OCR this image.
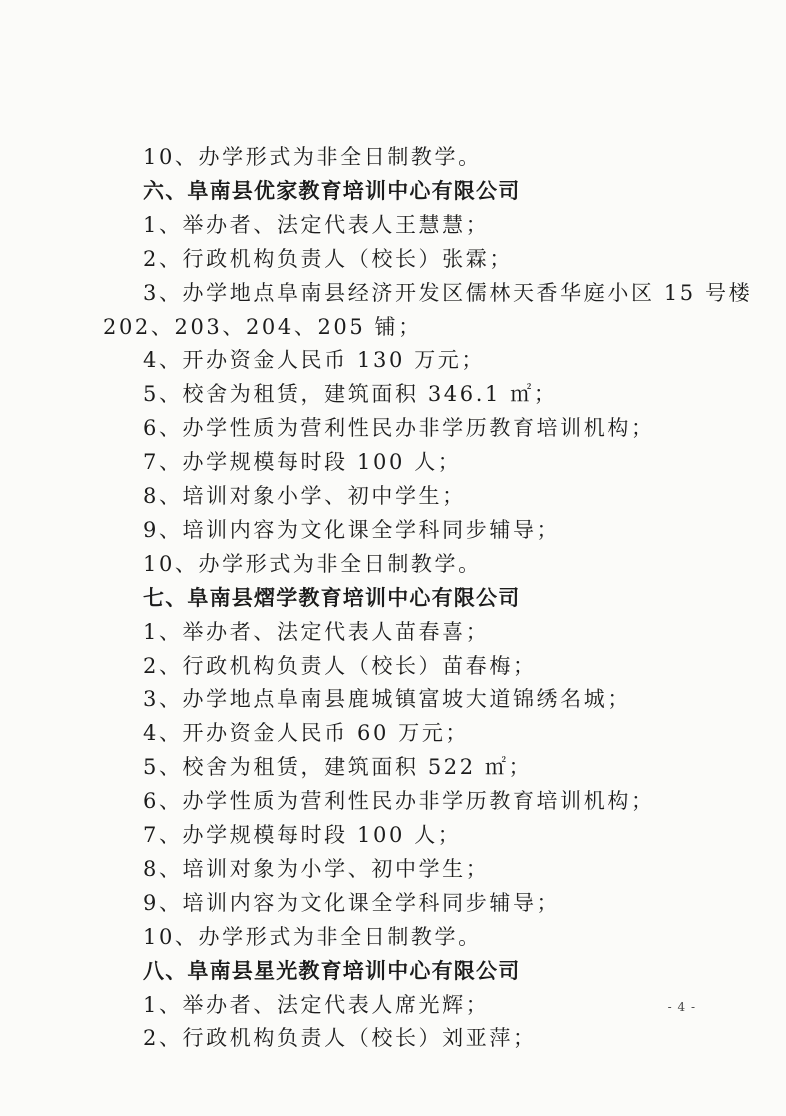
10、办学形式为非全日制教学。
六、阜南县优家教育培训中心有限公司
1、举办者、法定代表人王慧慧；
2、行政机构负责人（校长）张霖；
3、办学地点阜南县经济开发区儒林天香华庭小区 15 号楼
202、203、204、205 铺；
4、开办资金人民币 130 万元；
5、校舍为租赁，建筑面积 346.1 ㎡；
6、办学性质为营利性民办非学历教育培训机构；
7、办学规模每时段 100 人；
8、培训对象小学、初中学生；
9、培训内容为文化课全学科同步辅导；
10、办学形式为非全日制教学。
七、阜南县熠学教育培训中心有限公司
1、举办者、法定代表人苗春喜；
2、行政机构负责人（校长）苗春梅；
3、办学地点阜南县鹿城镇富坡大道锦绣名城；
4、开办资金人民币 60 万元；
5、校舍为租赁，建筑面积 522 ㎡；
6、办学性质为营利性民办非学历教育培训机构；
7、办学规模每时段 100 人；
8、培训对象为小学、初中学生；
9、培训内容为文化课全学科同步辅导；
10、办学形式为非全日制教学。
八、阜南县星光教育培训中心有限公司
1、举办者、法定代表人席光辉；
2、行政机构负责人（校长）刘亚萍；
- 4 -
